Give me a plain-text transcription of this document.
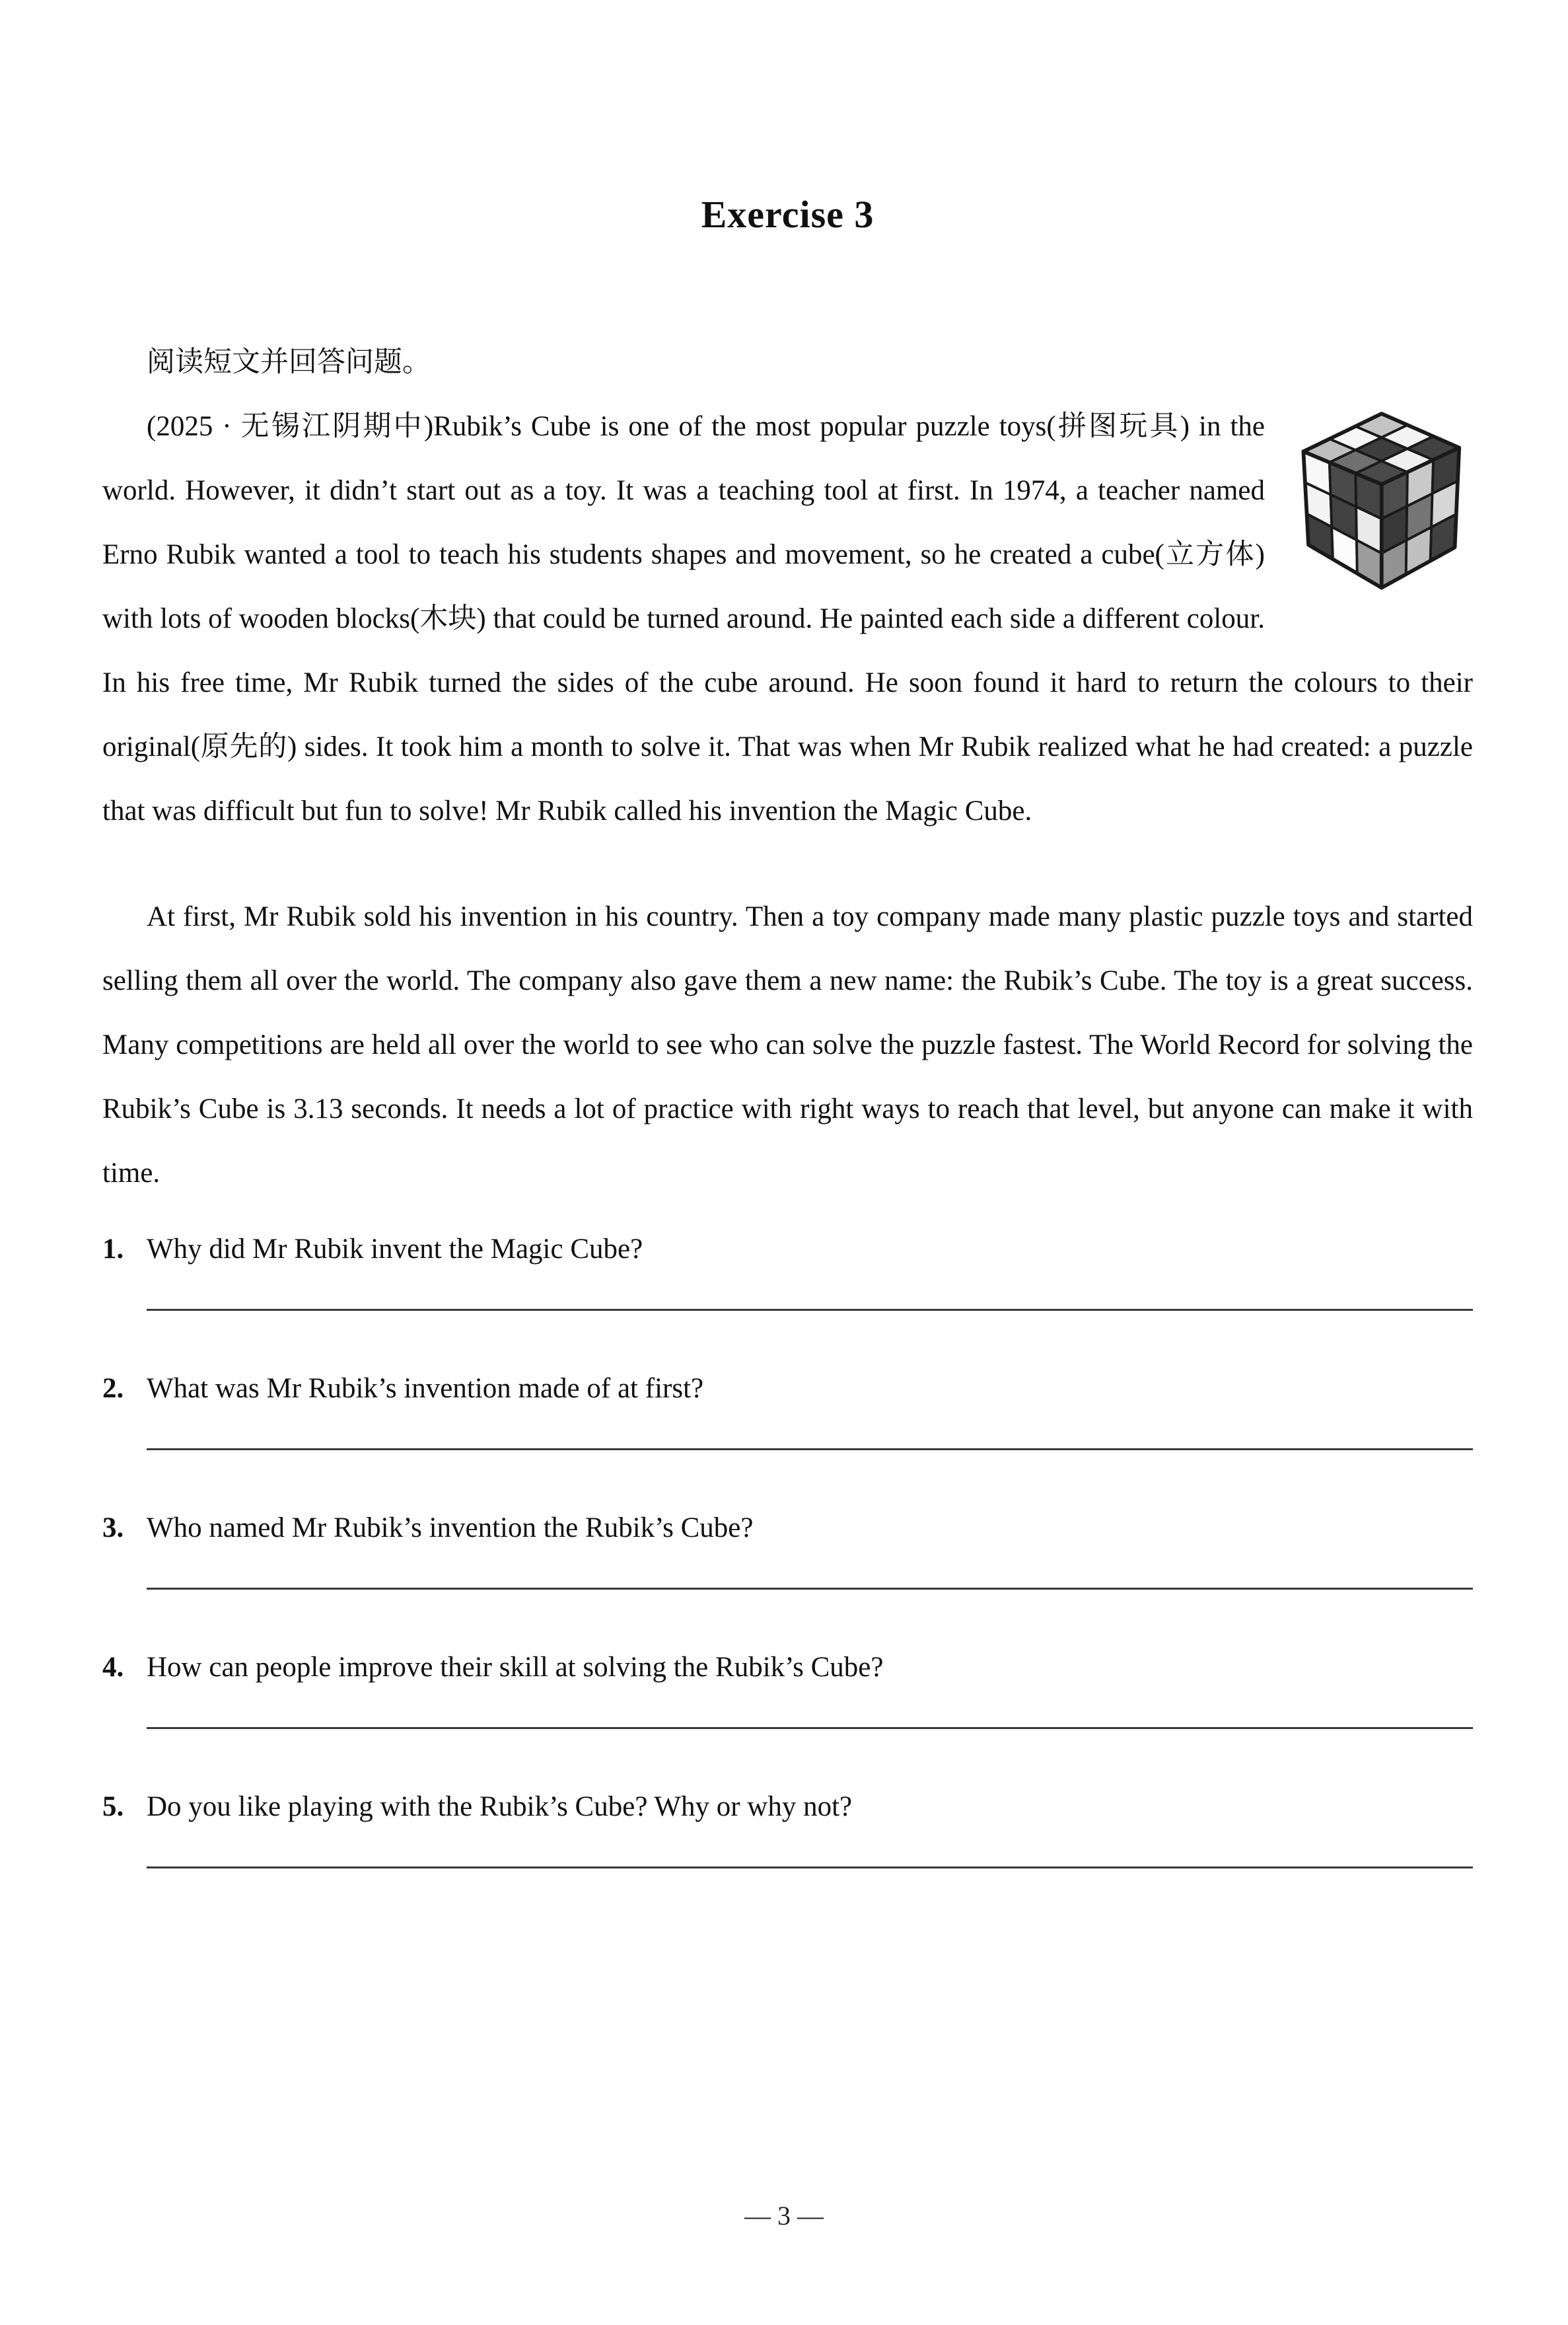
Exercise 3
阅读短文并回答问题。

(2025 · 无锡江阴期中)Rubik’s Cube is one of the most popular puzzle toys(拼图玩具) in the world. However, it didn’t start out as a toy. It was a teaching tool at first. In 1974, a teacher named Erno Rubik wanted a tool to teach his students shapes and movement, so he created a cube(立方体) with lots of wooden blocks(木块) that could be turned around. He painted each side a different colour. In his free time, Mr Rubik turned the sides of the cube around. He soon found it hard to return the colours to their original(原先的) sides. It took him a month to solve it. That was when Mr Rubik realized what he had created: a puzzle that was difficult but fun to solve! Mr Rubik called his invention the Magic Cube.

At first, Mr Rubik sold his invention in his country. Then a toy company made many plastic puzzle toys and started selling them all over the world. The company also gave them a new name: the Rubik’s Cube. The toy is a great success. Many competitions are held all over the world to see who can solve the puzzle fastest. The World Record for solving the Rubik’s Cube is 3.13 seconds. It needs a lot of practice with right ways to reach that level, but anyone can make it with time.

1. Why did Mr Rubik invent the Magic Cube?
2. What was Mr Rubik’s invention made of at first?
3. Who named Mr Rubik’s invention the Rubik’s Cube?
4. How can people improve their skill at solving the Rubik’s Cube?
5. Do you like playing with the Rubik’s Cube? Why or why not?
— 3 —
